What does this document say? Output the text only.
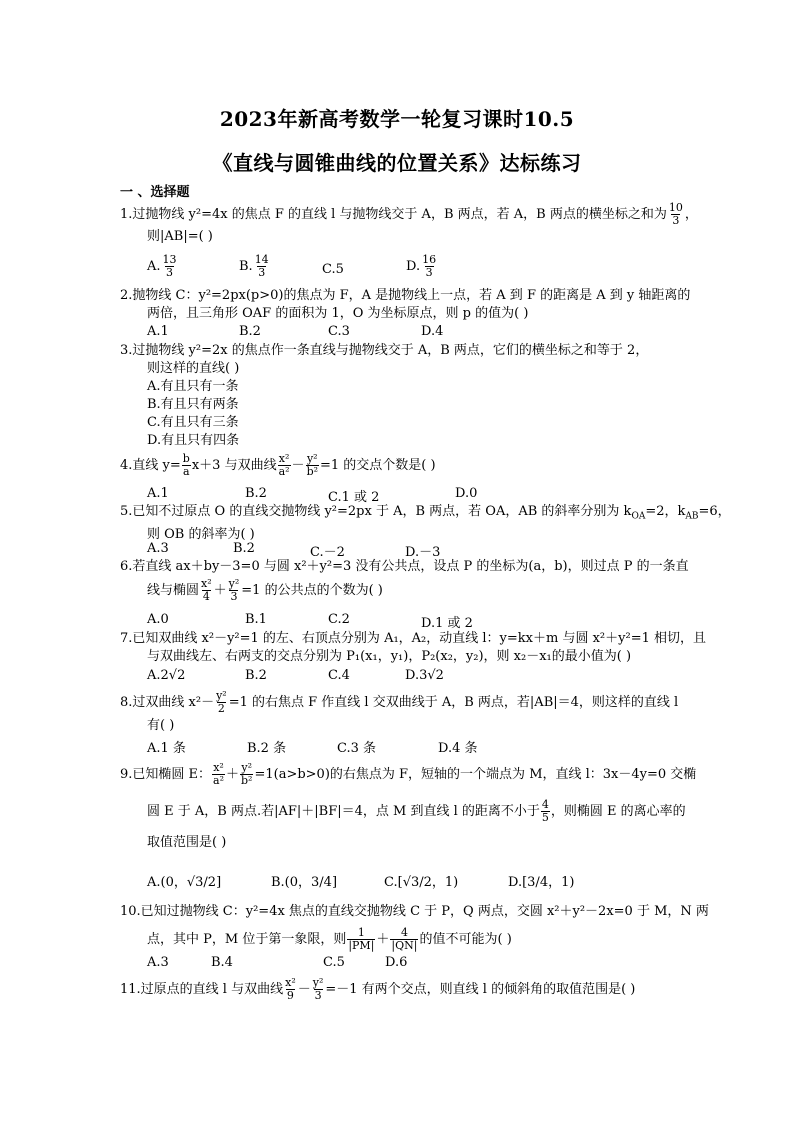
2023年新高考数学一轮复习课时10.5
《直线与圆锥曲线的位置关系》达标练习
一 、选择题
1.过抛物线 y²=4x 的焦点 F 的直线 l 与抛物线交于 A，B 两点，若 A，B 两点的横坐标之和为 $\frac{10}{3}$ ，
则|AB|=( )
A. $\frac{13}{3}$	B. $\frac{14}{3}$	C.5	D. $\frac{16}{3}$
2.抛物线 C：y²=2px(p>0)的焦点为 F，A 是抛物线上一点，若 A 到 F 的距离是 A 到 y 轴距离的
两倍，且三角形 OAF 的面积为 1，O 为坐标原点，则 p 的值为( )
A.1	B.2	C.3	D.4
3.过抛物线 y²=2x 的焦点作一条直线与抛物线交于 A，B 两点，它们的横坐标之和等于 2，
则这样的直线( )
A.有且只有一条
B.有且只有两条
C.有且只有三条
D.有且只有四条
4.直线 $y= \frac{b}{a} x+3$ 与双曲线 $\frac{\text{x²}}{\text{a²}} - \frac{\text{y²}}{\text{b²}} =1$ 的交点个数是( )
A.1	B.2	C.1 或 2	D.0
5.已知不过原点 O 的直线交抛物线 y²=2px 于 A，B 两点，若 OA，AB 的斜率分别为 $k_{OA}=2$，$k_{AB}=6$，
则 OB 的斜率为( )
A.3	B.2	C.－2	D.－3
6.若直线 ax＋by－3=0 与圆 x²＋y²=3 没有公共点，设点 P 的坐标为(a，b)，则过点 P 的一条直
线与椭圆 $\frac{\text{x²}}{4} + \frac{\text{y²}}{3} =1$ 的公共点的个数为( )
A.0	B.1	C.2	D.1 或 2
7.已知双曲线 x²－y²=1 的左、右顶点分别为 A₁，A₂，动直线 l：y=kx＋m 与圆 x²＋y²=1 相切，且
与双曲线左、右两支的交点分别为 P₁(x₁，y₁)，P₂(x₂，y₂)，则 x₂－x₁的最小值为( )
A.2√2	B.2	C.4	D.3√2
8.过双曲线 $x^2- \frac{\text{y²}}{2} =1$ 的右焦点 F 作直线 l 交双曲线于 A，B 两点，若|AB|＝4，则这样的直线 l
有( )
A.1 条	B.2 条	C.3 条	D.4 条
9.已知椭圆 E： $\frac{\text{x²}}{\text{a²}} + \frac{\text{y²}}{\text{b²}} =1(a>b>0)$的右焦点为 F，短轴的一个端点为 M，直线 l：3x－4y=0 交椭
圆 E 于 A，B 两点.若|AF|＋|BF|＝4，点 M 到直线 l 的距离不小于 $\frac{4}{5}$ ，则椭圆 E 的离心率的
取值范围是( )
A.(0，√3/2]	B.(0，3/4]	C.[√3/2，1)	D.[3/4，1)
10.已知过抛物线 C：y²=4x 焦点的直线交抛物线 C 于 P，Q 两点，交圆 x²＋y²－2x=0 于 M，N 两
点，其中 P，M 位于第一象限，则 $\frac{1}{|PM|} + \frac{4}{|QN|}$ 的值不可能为( )
A.3	B.4	C.5	D.6
11.过原点的直线 l 与双曲线 $\frac{\text{x²}}{9} - \frac{\text{y²}}{3} =-1$ 有两个交点，则直线 l 的倾斜角的取值范围是( )
